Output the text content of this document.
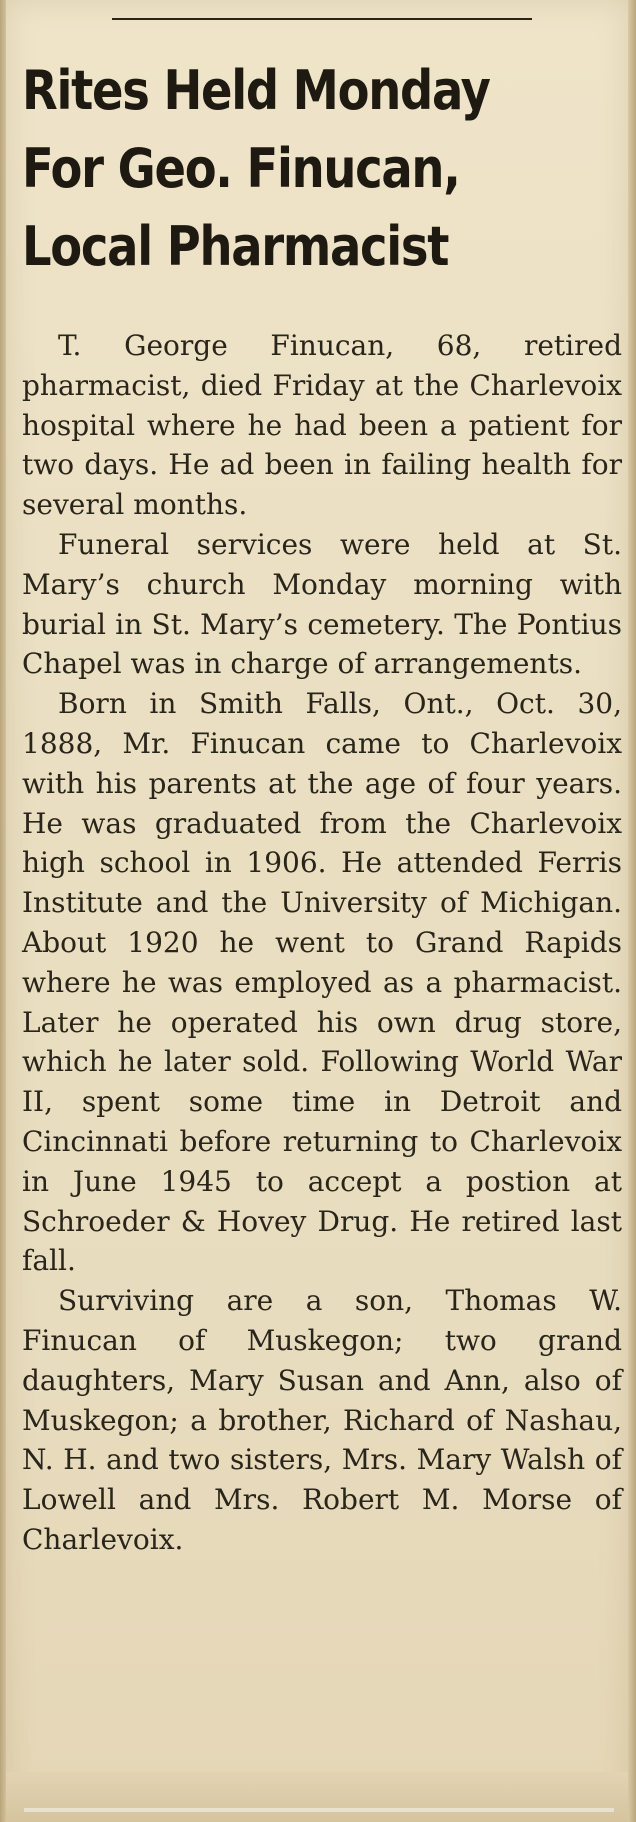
Rites Held Monday
For Geo. Finucan,
Local Pharmacist

T. George Finucan, 68, retired pharmacist, died Friday at the Charlevoix hospital where he had been a patient for two days. He ad been in failing health for several months.

Funeral services were held at St. Mary’s church Monday morning with burial in St. Mary’s cemetery. The Pontius Chapel was in charge of arrangements.

Born in Smith Falls, Ont., Oct. 30, 1888, Mr. Finucan came to Charlevoix with his parents at the age of four years. He was graduated from the Charlevoix high school in 1906. He attended Ferris Institute and the University of Michigan. About 1920 he went to Grand Rapids where he was employed as a pharmacist. Later he operated his own drug store, which he later sold. Following World War II, spent some time in Detroit and Cincinnati before returning to Charlevoix in June 1945 to accept a postion at Schroeder & Hovey Drug. He retired last fall.

Surviving are a son, Thomas W. Finucan of Muskegon; two grand daughters, Mary Susan and Ann, also of Muskegon; a brother, Richard of Nashau, N. H. and two sisters, Mrs. Mary Walsh of Lowell and Mrs. Robert M. Morse of Charlevoix.
